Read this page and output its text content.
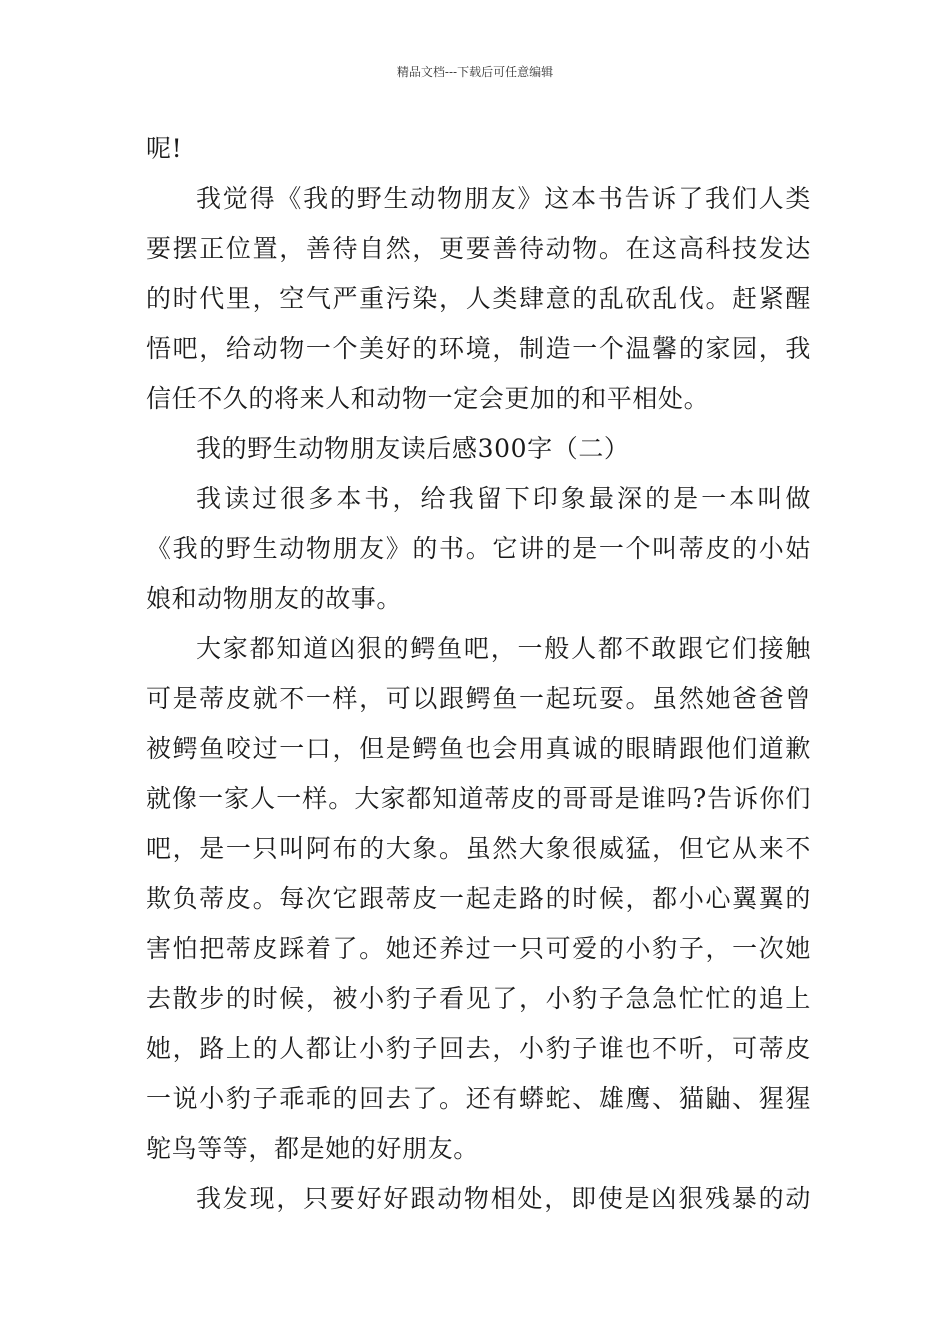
精品文档---下载后可任意编辑
呢!
我觉得《我的野生动物朋友》这本书告诉了我们人类
要摆正位置，善待自然，更要善待动物。在这高科技发达
的时代里，空气严重污染，人类肆意的乱砍乱伐。赶紧醒
悟吧，给动物一个美好的环境，制造一个温馨的家园，我
信任不久的将来人和动物一定会更加的和平相处。
我的野生动物朋友读后感300字（二）
我读过很多本书，给我留下印象最深的是一本叫做
《我的野生动物朋友》的书。它讲的是一个叫蒂皮的小姑
娘和动物朋友的故事。
大家都知道凶狠的鳄鱼吧，一般人都不敢跟它们接触
可是蒂皮就不一样，可以跟鳄鱼一起玩耍。虽然她爸爸曾
被鳄鱼咬过一口，但是鳄鱼也会用真诚的眼睛跟他们道歉
就像一家人一样。大家都知道蒂皮的哥哥是谁吗?告诉你们
吧，是一只叫阿布的大象。虽然大象很威猛，但它从来不
欺负蒂皮。每次它跟蒂皮一起走路的时候，都小心翼翼的
害怕把蒂皮踩着了。她还养过一只可爱的小豹子，一次她
去散步的时候，被小豹子看见了，小豹子急急忙忙的追上
她，路上的人都让小豹子回去，小豹子谁也不听，可蒂皮
一说小豹子乖乖的回去了。还有蟒蛇、雄鹰、猫鼬、猩猩
鸵鸟等等，都是她的好朋友。
我发现，只要好好跟动物相处，即使是凶狠残暴的动
